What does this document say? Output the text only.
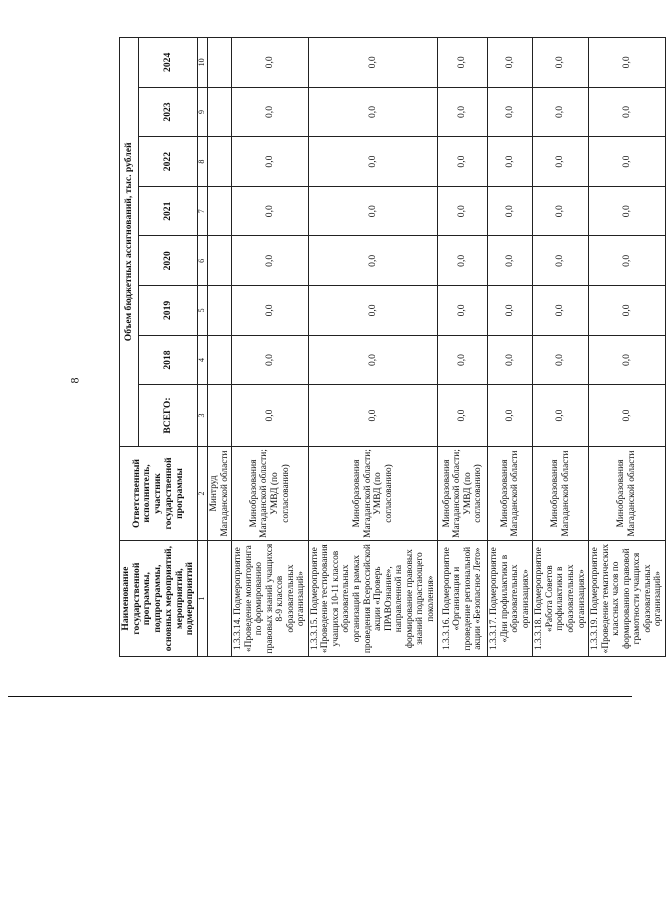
8
Наименование государственной программы, подпрограммы, основных мероприятий, мероприятий, подмероприятий	Ответственный исполнитель, участник государственной программы	Объем бюджетных ассигнований, тыс. рублей							
		ВСЕГО:	2018	2019	2020	2021	2022	2023	2024
1	2	3	4	5	6	7	8	9	10
	Минтруд Магаданской области								
1.3.3.14. Подмероприятие «Проведение мониторинга по формированию правовых знаний учащихся 8-9 классов образовательных организаций»	Минобразования Магаданской области; УМВД (по согласованию)	0,0	0,0	0,0	0,0	0,0	0,0	0,0	0,0
1.3.3.15. Подмероприятие «Проведение тестирования учащихся 10-11 классов образовательных организаций в рамках проведения Всероссийской акции «Проверь ПРАВОзнание», направленной на формирование правовых знаний подрастающего поколения»	Минобразования Магаданской области; УМВД (по согласованию)	0,0	0,0	0,0	0,0	0,0	0,0	0,0	0,0
1.3.3.16. Подмероприятие «Организация и проведение региональной акции «Безопасное Лето»	Минобразования Магаданской области; УМВД (по согласованию)	0,0	0,0	0,0	0,0	0,0	0,0	0,0	0,0
1.3.3.17. Подмероприятие «Дни профилактики в образовательных организациях»	Минобразования Магаданской области	0,0	0,0	0,0	0,0	0,0	0,0	0,0	0,0
1.3.3.18. Подмероприятие «Работа Советов профилактики в образовательных организациях»	Минобразования Магаданской области	0,0	0,0	0,0	0,0	0,0	0,0	0,0	0,0
1.3.3.19. Подмероприятие «Проведение тематических классных часов по формированию правовой грамотности учащихся образовательных организаций»	Минобразования Магаданской области	0,0	0,0	0,0	0,0	0,0	0,0	0,0	0,0
